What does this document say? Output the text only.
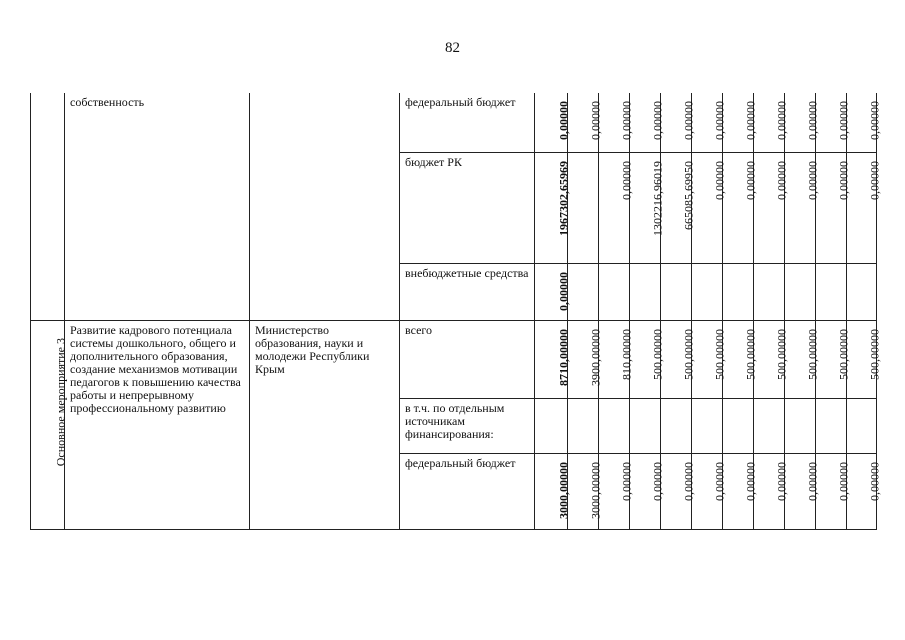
82
	собственность		федеральный бюджет	0,00000	0,00000	0,00000	0,00000	0,00000	0,00000	0,00000	0,00000	0,00000	0,00000	0,00000

			бюджет РК	1967302,65969		0,00000	1302216,96019	665085,69950	0,00000	0,00000	0,00000	0,00000	0,00000	0,00000

			внебюджетные средства	0,00000										

Основное мероприятие 3	Развитие кадрового потенциала системы дошкольного, общего и дополнительного образования, создание механизмов мотивации педагогов к повышению качества работы и непрерывному профессиональному развитию	Министерство образования, науки и молодежи Республики Крым	всего	8710,00000	3900,00000	810,00000	500,00000	500,00000	500,00000	500,00000	500,00000	500,00000	500,00000	500,00000

			в т.ч. по отдельным источникам финансирования:											
			федеральный бюджет	3000,00000	3000,00000	0,00000	0,00000	0,00000	0,00000	0,00000	0,00000	0,00000	0,00000	0,00000
